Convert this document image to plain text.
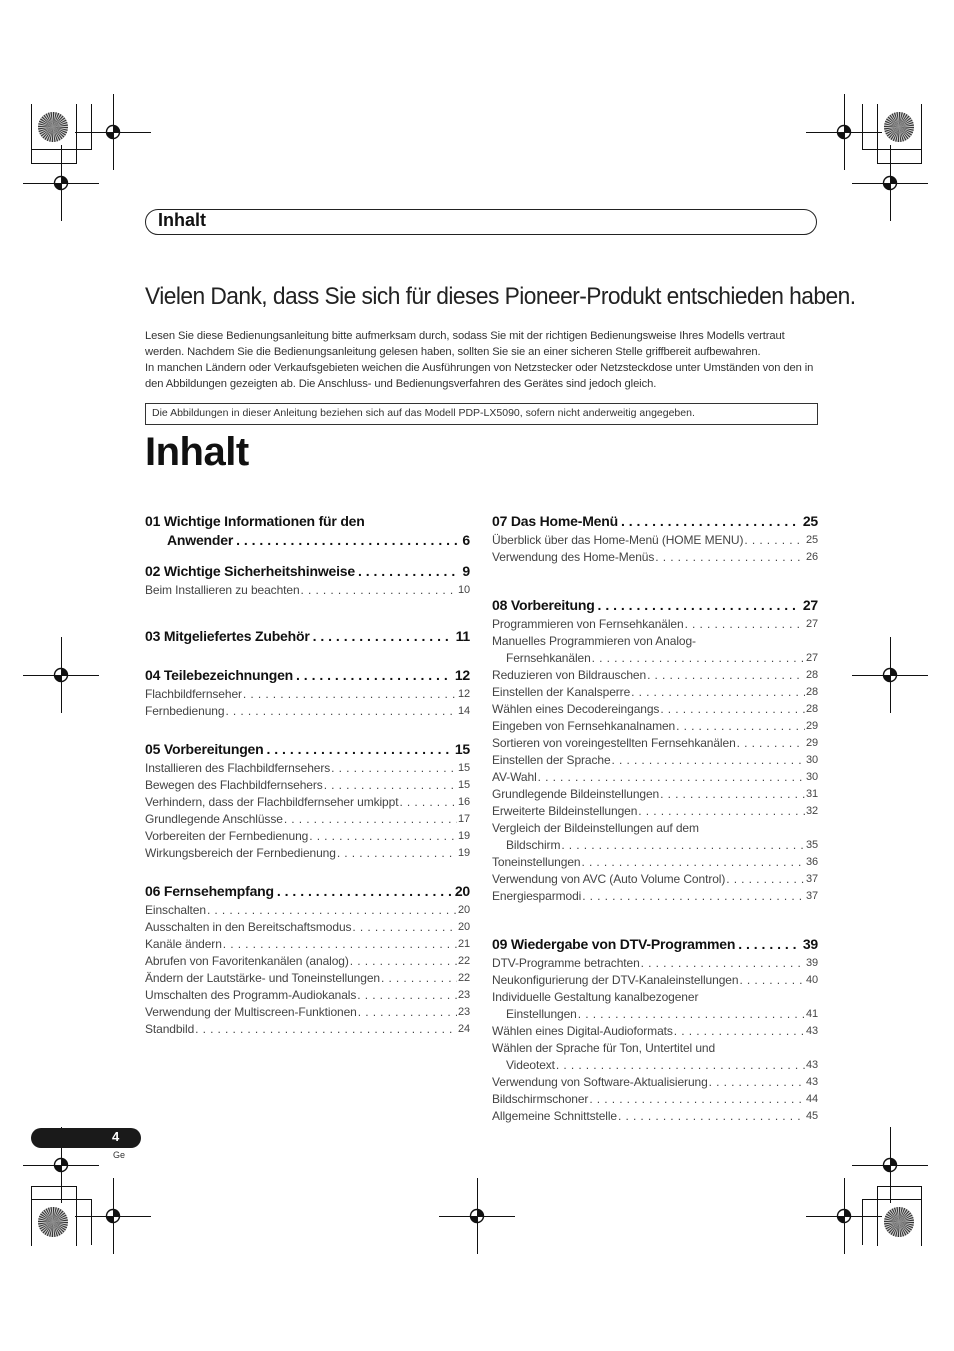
Inhalt
Vielen Dank, dass Sie sich für dieses Pioneer-Produkt entschieden haben.

Lesen Sie diese Bedienungsanleitung bitte aufmerksam durch, sodass Sie mit der richtigen Bedienungsweise Ihres Modells vertraut werden. Nachdem Sie die Bedienungsanleitung gelesen haben, sollten Sie sie an einer sicheren Stelle griffbereit aufbewahren.

In manchen Ländern oder Verkaufsgebieten weichen die Ausführungen von Netzstecker oder Netzsteckdose unter Umständen von den in den Abbildungen gezeigten ab. Die Anschluss- und Bedienungsverfahren des Gerätes sind jedoch gleich.

Die Abbildungen in dieser Anleitung beziehen sich auf das Modell PDP-LX5090, sofern nicht anderweitig angegeben.
Inhalt
01 Wichtige Informationen für den
Anwender . . .	6
02 Wichtige Sicherheitshinweise . . .	9
Beim Installieren zu beachten . . .	10
03 Mitgeliefertes Zubehör . . .	11
04 Teilebezeichnungen . . .	12
Flachbildfernseher . . .	12
Fernbedienung . . .	14
05 Vorbereitungen . . .	15
Installieren des Flachbildfernsehers . . .	15
Bewegen des Flachbildfernsehers . . .	15
Verhindern, dass der Flachbildfernseher umkippt . . .	16
Grundlegende Anschlüsse . . .	17
Vorbereiten der Fernbedienung . . .	19
Wirkungsbereich der Fernbedienung . . .	19
06 Fernsehempfang . . .	20
Einschalten . . .	20
Ausschalten in den Bereitschaftsmodus . . .	20
Kanäle ändern . . .	21
Abrufen von Favoritenkanälen (analog) . . .	22
Ändern der Lautstärke- und Toneinstellungen . . .	22
Umschalten des Programm-Audiokanals . . .	23
Verwendung der Multiscreen-Funktionen . . .	23
Standbild . . .	24
07 Das Home-Menü . . .	25
Überblick über das Home-Menü (HOME MENU) . . .	25
Verwendung des Home-Menüs . . .	26
08 Vorbereitung . . .	27
Programmieren von Fernsehkanälen . . .	27
Manuelles Programmieren von Analog-
Fernsehkanälen . . .	27
Reduzieren von Bildrauschen . . .	28
Einstellen der Kanalsperre . . .	28
Wählen eines Decodereingangs . . .	28
Eingeben von Fernsehkanalnamen . . .	29
Sortieren von voreingestellten Fernsehkanälen . . .	29
Einstellen der Sprache . . .	30
AV-Wahl . . .	30
Grundlegende Bildeinstellungen . . .	31
Erweiterte Bildeinstellungen . . .	32
Vergleich der Bildeinstellungen auf dem
Bildschirm . . .	35
Toneinstellungen . . .	36
Verwendung von AVC (Auto Volume Control) . . .	37
Energiesparmodi . . .	37
09 Wiedergabe von DTV-Programmen . . .	39
DTV-Programme betrachten . . .	39
Neukonfigurierung der DTV-Kanaleinstellungen . . .	40
Individuelle Gestaltung kanalbezogener
Einstellungen . . .	41
Wählen eines Digital-Audioformats . . .	43
Wählen der Sprache für Ton, Untertitel und
Videotext . . .	43
Verwendung von Software-Aktualisierung . . .	43
Bildschirmschoner . . .	44
Allgemeine Schnittstelle . . .	45
4
Ge
